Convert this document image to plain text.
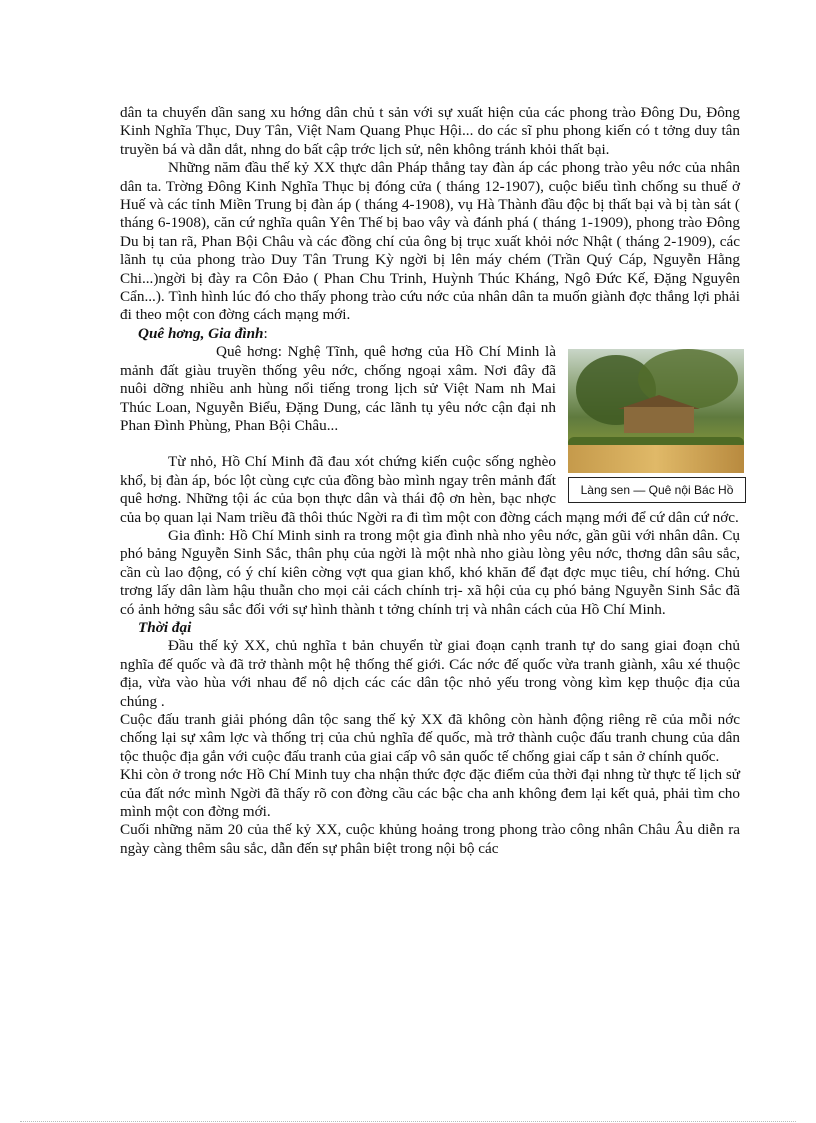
dân ta chuyển dần sang xu hớng dân chủ t sản với sự xuất hiện của các phong trào Đông Du, Đông Kinh Nghĩa Thục, Duy Tân, Việt Nam Quang Phục Hội... do các sĩ phu phong kiến có t tởng duy tân truyền bá và dẫn dắt, nhng do bất cập trớc lịch sử, nên không tránh khỏi thất bại.

Những năm đầu thế kỷ XX thực dân Pháp thẳng tay đàn áp các phong trào yêu nớc của nhân dân ta. Trờng Đông Kinh Nghĩa Thục bị đóng cửa ( tháng 12-1907), cuộc biểu tình chống su thuế ở Huế và các tỉnh Miền Trung bị đàn áp ( tháng 4-1908), vụ Hà Thành đầu độc bị thất bại và bị tàn sát ( tháng 6-1908), căn cứ nghĩa quân Yên Thế bị bao vây và đánh phá ( tháng 1-1909), phong trào Đông Du bị tan rã, Phan Bội Châu và các đồng chí của ông bị trục xuất khỏi nớc Nhật ( tháng 2-1909), các lãnh tụ của phong trào Duy Tân Trung Kỳ ngời bị lên máy chém (Trần Quý Cáp, Nguyễn Hằng Chi...)ngời bị đày ra Côn Đảo ( Phan Chu Trinh, Huỳnh Thúc Kháng, Ngô Đức Kế, Đặng Nguyên Cẩn...). Tình hình lúc đó cho thấy phong trào cứu nớc của nhân dân ta muốn giành đợc thắng lợi phải đi theo một con đờng cách mạng mới.

Quê hơng, Gia đình:

Làng sen — Quê nội Bác Hồ

Quê hơng: Nghệ Tĩnh, quê hơng của Hồ Chí Minh là mảnh đất giàu truyền thống yêu nớc, chống ngoại xâm. Nơi đây đã nuôi dỡng nhiều anh hùng nổi tiếng trong lịch sử Việt Nam nh Mai Thúc Loan, Nguyễn Biểu, Đặng Dung, các lãnh tụ yêu nớc cận đại nh Phan Đình Phùng, Phan Bội Châu...

Từ nhỏ, Hồ Chí Minh đã đau xót chứng kiến cuộc sống nghèo khổ, bị đàn áp, bóc lột cùng cực của đồng bào mình ngay trên mảnh đất quê hơng. Những tội ác của bọn thực dân và thái độ ơn hèn, bạc nhợc của bọ quan lại Nam triều đã thôi thúc Ngời ra đi tìm một con đờng cách mạng mới để cứ dân cứ nớc.

Gia đình: Hồ Chí Minh sinh ra trong một gia đình nhà nho yêu nớc, gần gũi với nhân dân. Cụ phó bảng Nguyễn Sinh Sắc, thân phụ của ngời là một nhà nho giàu lòng yêu nớc, thơng dân sâu sắc, cần cù lao động, có ý chí kiên cờng vợt qua gian khổ, khó khăn để đạt đợc mục tiêu, chí hớng. Chủ trơng lấy dân làm hậu thuẫn cho mọi cải cách chính trị- xã hội của cụ phó bảng Nguyễn Sinh Sắc đã có ảnh hởng sâu sắc đối với sự hình thành t tởng chính trị và nhân cách của Hồ Chí Minh.

Thời đại

Đầu thế kỷ XX, chủ nghĩa t bản chuyển từ giai đoạn cạnh tranh tự do sang giai đoạn chủ nghĩa đế quốc và đã trở thành một hệ thống thế giới. Các nớc đế quốc vừa tranh giành, xâu xé thuộc địa, vừa vào hùa với nhau để nô dịch các các dân tộc nhỏ yếu trong vòng kìm kẹp thuộc địa của chúng .

Cuộc đấu tranh giải phóng dân tộc sang thế kỷ XX đã không còn hành động riêng rẽ của mỗi nớc chống lại sự xâm lợc và thống trị của chủ nghĩa đế quốc, mà trở thành cuộc đấu tranh chung của dân tộc thuộc địa gắn với cuộc đấu tranh của giai cấp vô sản quốc tế chống giai cấp t sản ở chính quốc.

Khi còn ở trong nớc Hồ Chí Minh tuy cha nhận thức đợc đặc điểm của thời đại nhng từ thực tế lịch sử của đất nớc mình Ngời đã thấy rõ con đờng cầu các bậc cha anh không đem lại kết quả, phải tìm cho mình một con đờng mới.

Cuối những năm 20 của thế kỷ XX, cuộc khủng hoảng trong phong trào công nhân Châu Âu diễn ra ngày càng thêm sâu sắc, dẫn đến sự phân biệt trong nội bộ các
